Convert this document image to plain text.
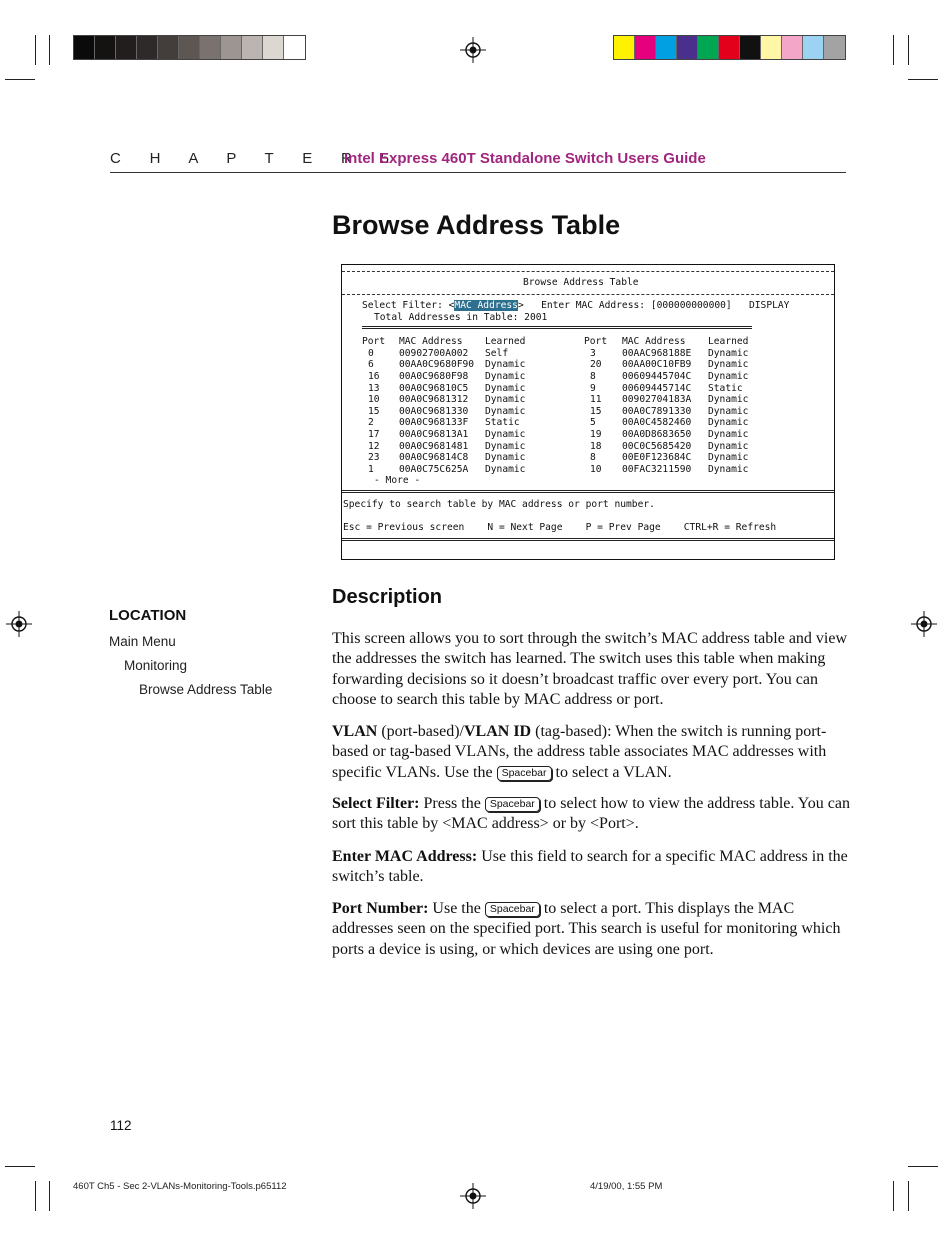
C H A P T E R 5
Intel Express 460T Standalone Switch Users Guide
Browse Address Table
Browse Address Table
Select Filter: <MAC Address>   Enter MAC Address: [000000000000]   DISPLAY
Total Addresses in Table: 2001
Port MAC Address Learned	Port MAC Address Learned
0	00902700A002 Self	3	00AAC968188E Dynamic
6	00AA0C9680F90 Dynamic	20 00AA00C10FB9 Dynamic
16 00A0C9680F98 Dynamic	8	00609445704C Dynamic
13 00A0C96810C5 Dynamic	9	00609445714C Static
10 00A0C9681312 Dynamic	11 00902704183A Dynamic
15 00A0C9681330 Dynamic	15 00A0C7891330 Dynamic
2	00A0C968133F Static	5	00A0C4582460 Dynamic
17 00A0C96813A1 Dynamic	19 00A0D8683650 Dynamic
12 00A0C9681481 Dynamic	18 00C0C5685420 Dynamic
23 00A0C96814C8 Dynamic	8	00E0F123684C Dynamic
1	00A0C75C625A Dynamic	10 00FAC3211590 Dynamic
- More -
Specify to search table by MAC address or port number.
Esc = Previous screen    N = Next Page    P = Prev Page    CTRL+R = Refresh
Description
LOCATION
Main Menu
Monitoring
Browse Address Table
This screen allows you to sort through the switch’s MAC address table and view the addresses the switch has learned. The switch uses this table when making forwarding decisions so it doesn’t broadcast traffic over every port. You can choose to search this table by MAC address or port.
VLAN (port-based)/VLAN ID (tag-based): When the switch is running port-based or tag-based VLANs, the address table associates MAC addresses with specific VLANs. Use the Spacebar to select a VLAN.
Select Filter: Press the Spacebar to select how to view the address table. You can sort this table by <MAC address> or by <Port>.
Enter MAC Address: Use this field to search for a specific MAC address in the switch’s table.
Port Number: Use the Spacebar to select a port. This displays the MAC addresses seen on the specified port. This search is useful for monitoring which ports a device is using, or which devices are using one port.
112
460T Ch5 - Sec 2-VLANs-Monitoring-Tools.p65112	4/19/00, 1:55 PM
